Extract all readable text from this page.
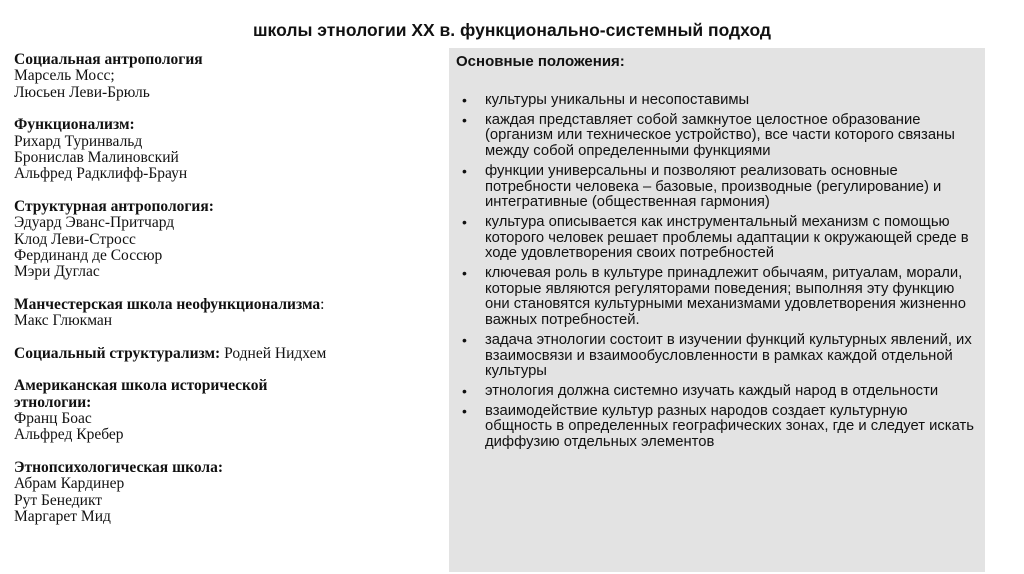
школы этнологии XX в. функционально-системный подход
Социальная антропология
Марсель Мосс;
Люсьен Леви-Брюль
Функционализм:
Рихард Туринвальд
Бронислав Малиновский
Альфред Радклифф-Браун
Структурная антропология:
Эдуард Эванс-Притчард
Клод Леви-Стросс
Фердинанд де Соссюр
Мэри Дуглас
Манчестерская школа неофункционализма:
Макс Глюкман
Социальный структурализм: Родней Нидхем
Американская школа исторической этнологии:
Франц Боас
Альфред Кребер
Этнопсихологическая школа:
Абрам Кардинер
Рут Бенедикт
Маргарет Мид
Основные положения:
• культуры уникальны и несопоставимы
• каждая представляет собой замкнутое целостное образование (организм или техническое устройство), все части которого связаны между собой определенными функциями
• функции универсальны и позволяют реализовать основные потребности человека – базовые, производные (регулирование) и интегративные (общественная гармония)
• культура описывается как инструментальный механизм с помощью которого человек решает проблемы адаптации к окружающей среде в ходе удовлетворения своих потребностей
• ключевая роль в культуре принадлежит обычаям, ритуалам, морали, которые являются регуляторами поведения; выполняя эту функцию они становятся культурными механизмами удовлетворения жизненно важных потребностей.
• задача этнологии состоит в изучении функций культурных явлений, их взаимосвязи и взаимообусловленности в рамках каждой отдельной культуры
• этнология должна системно изучать каждый народ в отдельности
• взаимодействие культур разных народов создает культурную общность в определенных географических зонах, где и следует искать диффузию отдельных элементов
